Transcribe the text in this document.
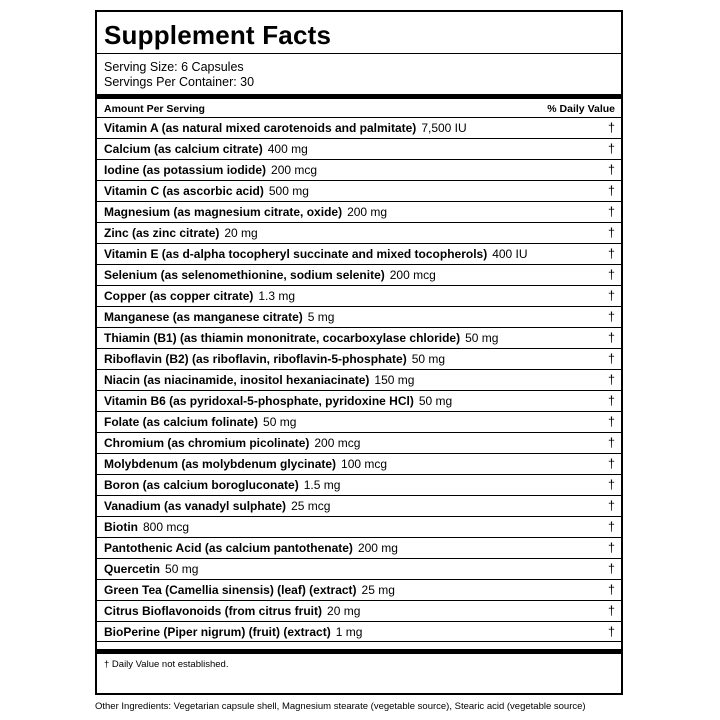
Supplement Facts
Serving Size: 6 Capsules
Servings Per Container: 30
Amount Per Serving	% Daily Value
Vitamin A (as natural mixed carotenoids and palmitate) 7,500 IU	†
Calcium (as calcium citrate) 400 mg	†
Iodine (as potassium iodide) 200 mcg	†
Vitamin C (as ascorbic acid) 500 mg	†
Magnesium (as magnesium citrate, oxide) 200 mg	†
Zinc (as zinc citrate) 20 mg	†
Vitamin E (as d-alpha tocopheryl succinate and mixed tocopherols) 400 IU	†
Selenium (as selenomethionine, sodium selenite) 200 mcg	†
Copper (as copper citrate) 1.3 mg	†
Manganese (as manganese citrate) 5 mg	†
Thiamin (B1) (as thiamin mononitrate, cocarboxylase chloride) 50 mg	†
Riboflavin (B2) (as riboflavin, riboflavin-5-phosphate) 50 mg	†
Niacin (as niacinamide, inositol hexaniacinate) 150 mg	†
Vitamin B6 (as pyridoxal-5-phosphate, pyridoxine HCl) 50 mg	†
Folate (as calcium folinate) 50 mg	†
Chromium (as chromium picolinate) 200 mcg	†
Molybdenum (as molybdenum glycinate) 100 mcg	†
Boron (as calcium borogluconate) 1.5 mg	†
Vanadium (as vanadyl sulphate) 25 mcg	†
Biotin 800 mcg	†
Pantothenic Acid (as calcium pantothenate) 200 mg	†
Quercetin 50 mg	†
Green Tea (Camellia sinensis) (leaf) (extract) 25 mg	†
Citrus Bioflavonoids (from citrus fruit) 20 mg	†
BioPerine (Piper nigrum) (fruit) (extract) 1 mg	†
† Daily Value not established.
Other Ingredients: Vegetarian capsule shell, Magnesium stearate (vegetable source), Stearic acid (vegetable source)
